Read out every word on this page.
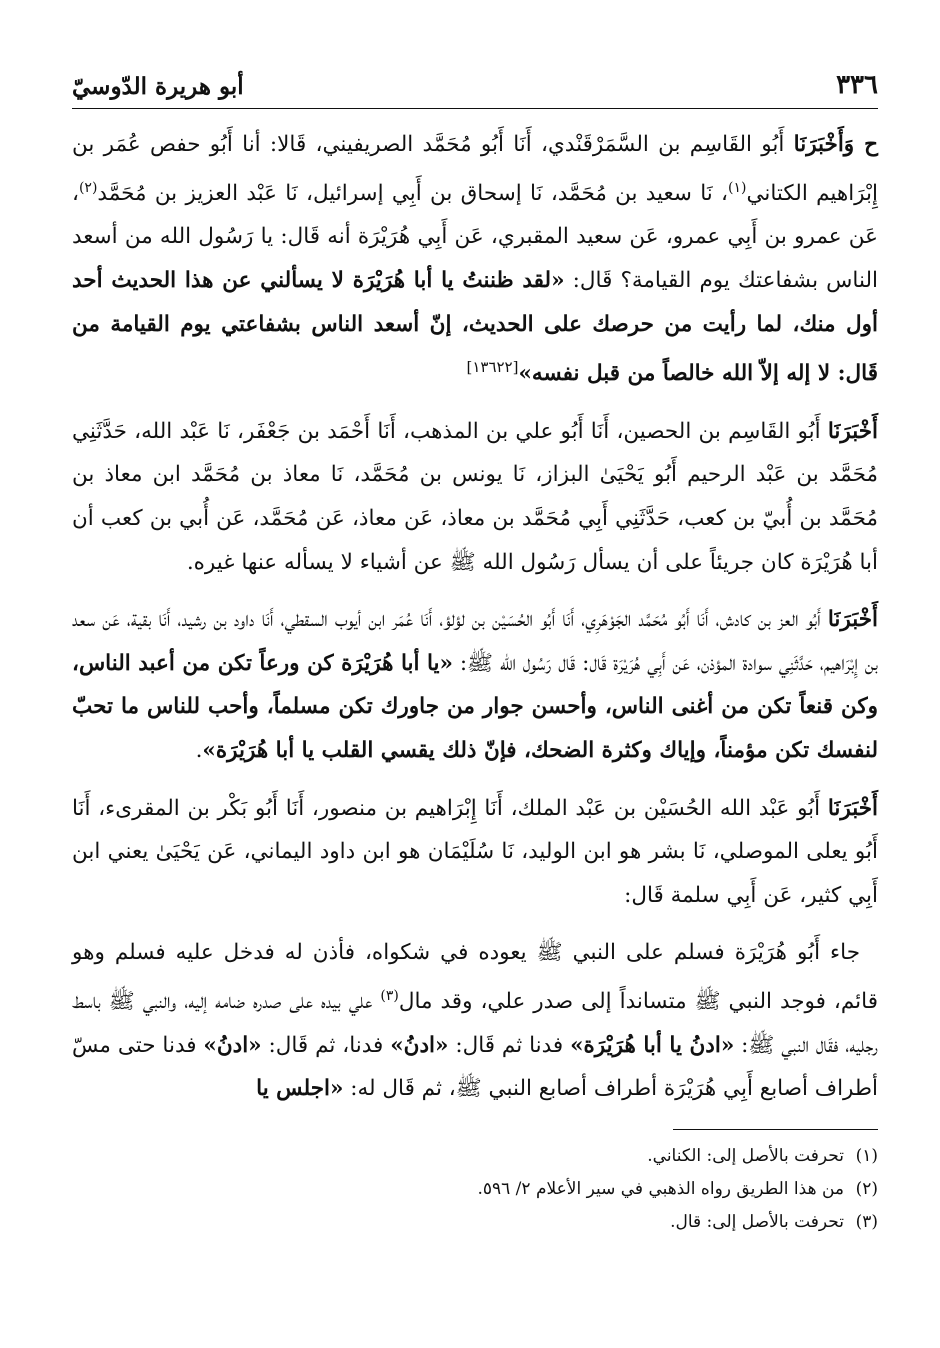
٣٣٦
أبو هريرة الدّوسيّ

ح وَأَخْبَرَنَا أَبُو القَاسِم بن السَّمَرْقَنْدي، أَنَا أَبُو مُحَمَّد الصريفيني، قَالا: أنا أَبُو حفص عُمَر بن إِبْرَاهيم الكتاني$^{(١)}$، نَا سعيد بن مُحَمَّد، نَا إسحاق بن أَبِي إسرائيل، نَا عَبْد العزيز بن مُحَمَّد$^{(٢)}$، عَن عمرو بن أَبِي عمرو، عَن سعيد المقبري، عَن أَبِي هُرَيْرَة أنه قَال: يا رَسُول الله من أسعد الناس بشفاعتك يوم القيامة؟ قَال: «لقد ظننتُ يا أبا هُرَيْرَة لا يسألني عن هذا الحديث أحد أول منك، لما رأيت من حرصك على الحديث، إنّ أسعد الناس بشفاعتي يوم القيامة من قَال: لا إله إلاّ الله خالصاً من قبل نفسه»[١٣٦٢٢]

أَخْبَرَنَا أَبُو القَاسِم بن الحصين، أَنَا أَبُو علي بن المذهب، أَنَا أَحْمَد بن جَعْفَر، نَا عَبْد الله، حَدَّثَنِي مُحَمَّد بن عَبْد الرحيم أَبُو يَحْيَىٰ البزاز، نَا يونس بن مُحَمَّد، نَا معاذ بن مُحَمَّد ابن معاذ بن مُحَمَّد بن أُبيّ بن كعب، حَدَّثَنِي أَبِي مُحَمَّد بن معاذ، عَن معاذ، عَن مُحَمَّد، عَن أُبي بن كعب أن أبا هُرَيْرَة كان جريئاً على أن يسأل رَسُول الله ﷺ عن أشياء لا يسأله عنها غيره.

أَخْبَرَنَا أَبُو العز بن كادش، أَنَا أَبُو مُحَمَّد الجَوْهَرِي، أَنَا أَبُو الحُسَيْن بن لؤلؤ، أَنَا عُمَر ابن أيوب السقطي، أَنَا داود بن رشيد، أَنَا بقية، عَن سعد بن إِبْرَاهيم، حَدَّثَنِي سوادة المؤذن، عَن أَبِي هُرَيْرَة قَال: قَال رَسُول الله ﷺ: «يا أبا هُرَيْرَة كن ورعاً تكن من أعبد الناس، وكن قنعاً تكن من أغنى الناس، وأحسن جوار من جاورك تكن مسلماً، وأحب للناس ما تحبّ لنفسك تكن مؤمناً، وإياك وكثرة الضحك، فإنّ ذلك يقسي القلب يا أبا هُرَيْرَة».

أَخْبَرَنَا أَبُو عَبْد الله الحُسَيْن بن عَبْد الملك، أَنَا إِبْرَاهيم بن منصور، أَنَا أَبُو بَكْر بن المقرىء، أَنَا أَبُو يعلى الموصلي، نَا بشر هو ابن الوليد، نَا سُلَيْمَان هو ابن داود اليماني، عَن يَحْيَىٰ يعني ابن أَبِي كثير، عَن أَبِي سلمة قَال:

جاء أَبُو هُرَيْرَة فسلم على النبي ﷺ يعوده في شكواه، فأذن له فدخل عليه فسلم وهو قائم، فوجد النبي ﷺ متسانداً إلى صدر علي، وقد مال$^{(٣)}$ علي بيده على صدره ضامه إليه، والنبي ﷺ باسط رجليه، فقَال النبي ﷺ: «ادنُ يا أبا هُرَيْرَة» فدنا ثم قَال: «ادنُ» فدنا، ثم قَال: «ادنُ» فدنا حتى مسّ أطراف أصابع أَبِي هُرَيْرَة أطراف أصابع النبي ﷺ، ثم قَال له: «اجلس يا

(١)
تحرفت بالأصل إلى: الكناني.
(٢)
من هذا الطريق رواه الذهبي في سير الأعلام ٢/ ٥٩٦.
(٣)
تحرفت بالأصل إلى: قال.
